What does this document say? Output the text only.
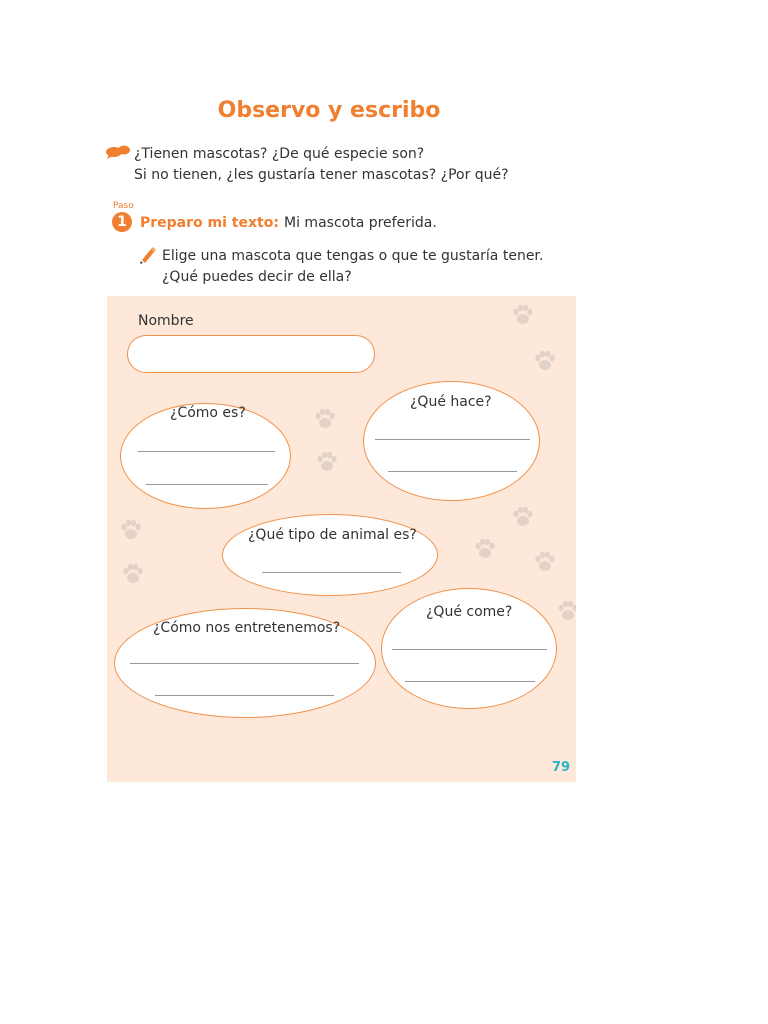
Observo y escribo
¿Tienen mascotas? ¿De qué especie son?
Si no tienen, ¿les gustaría tener mascotas? ¿Por qué?
Paso
1 Preparo mi texto: Mi mascota preferida.
Elige una mascota que tengas o que te gustaría tener.
¿Qué puedes decir de ella?
Nombre
¿Cómo es?
¿Qué hace?
¿Qué tipo de animal es?
¿Cómo nos entretenemos?
¿Qué come?
79
